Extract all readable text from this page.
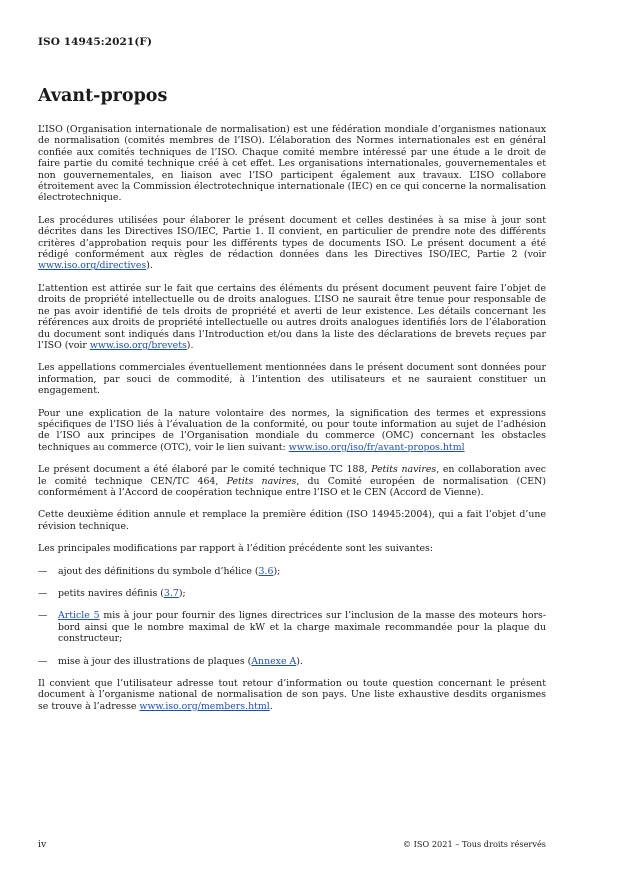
ISO 14945:2021(F)
Avant-propos

L’ISO (Organisation internationale de normalisation) est une fédération mondiale d’organismes nationaux de normalisation (comités membres de l’ISO). L’élaboration des Normes internationales est en général confiée aux comités techniques de l’ISO. Chaque comité membre intéressé par une étude a le droit de faire partie du comité technique créé à cet effet. Les organisations internationales, gouvernementales et non gouvernementales, en liaison avec l’ISO participent également aux travaux. L’ISO collabore étroitement avec la Commission électrotechnique internationale (IEC) en ce qui concerne la normalisation électrotechnique.

Les procédures utilisées pour élaborer le présent document et celles destinées à sa mise à jour sont décrites dans les Directives ISO/IEC, Partie 1. Il convient, en particulier de prendre note des différents critères d’approbation requis pour les différents types de documents ISO. Le présent document a été rédigé conformément aux règles de rédaction données dans les Directives ISO/IEC, Partie 2 (voir www.iso.org/directives).

L’attention est attirée sur le fait que certains des éléments du présent document peuvent faire l’objet de droits de propriété intellectuelle ou de droits analogues. L’ISO ne saurait être tenue pour responsable de ne pas avoir identifié de tels droits de propriété et averti de leur existence. Les détails concernant les références aux droits de propriété intellectuelle ou autres droits analogues identifiés lors de l’élaboration du document sont indiqués dans l’Introduction et/ou dans la liste des déclarations de brevets reçues par l’ISO (voir www.iso.org/brevets).

Les appellations commerciales éventuellement mentionnées dans le présent document sont données pour information, par souci de commodité, à l’intention des utilisateurs et ne sauraient constituer un engagement.

Pour une explication de la nature volontaire des normes, la signification des termes et expressions spécifiques de l’ISO liés à l’évaluation de la conformité, ou pour toute information au sujet de l’adhésion de l’ISO aux principes de l’Organisation mondiale du commerce (OMC) concernant les obstacles techniques au commerce (OTC), voir le lien suivant: www.iso.org/iso/fr/avant-propos.html

Le présent document a été élaboré par le comité technique TC 188, Petits navires, en collaboration avec le comité technique CEN/TC 464, Petits navires, du Comité européen de normalisation (CEN) conformément à l’Accord de coopération technique entre l’ISO et le CEN (Accord de Vienne).

Cette deuxième édition annule et remplace la première édition (ISO 14945:2004), qui a fait l’objet d’une révision technique.

Les principales modifications par rapport à l’édition précédente sont les suivantes:

—	ajout des définitions du symbole d’hélice (3.6);
—	petits navires définis (3.7);
—	Article 5 mis à jour pour fournir des lignes directrices sur l’inclusion de la masse des moteurs hors-bord ainsi que le nombre maximal de kW et la charge maximale recommandée pour la plaque du constructeur;
—	mise à jour des illustrations de plaques (Annexe A).

Il convient que l’utilisateur adresse tout retour d’information ou toute question concernant le présent document à l’organisme national de normalisation de son pays. Une liste exhaustive desdits organismes se trouve à l’adresse www.iso.org/members.html.

iv	© ISO 2021 – Tous droits réservés
